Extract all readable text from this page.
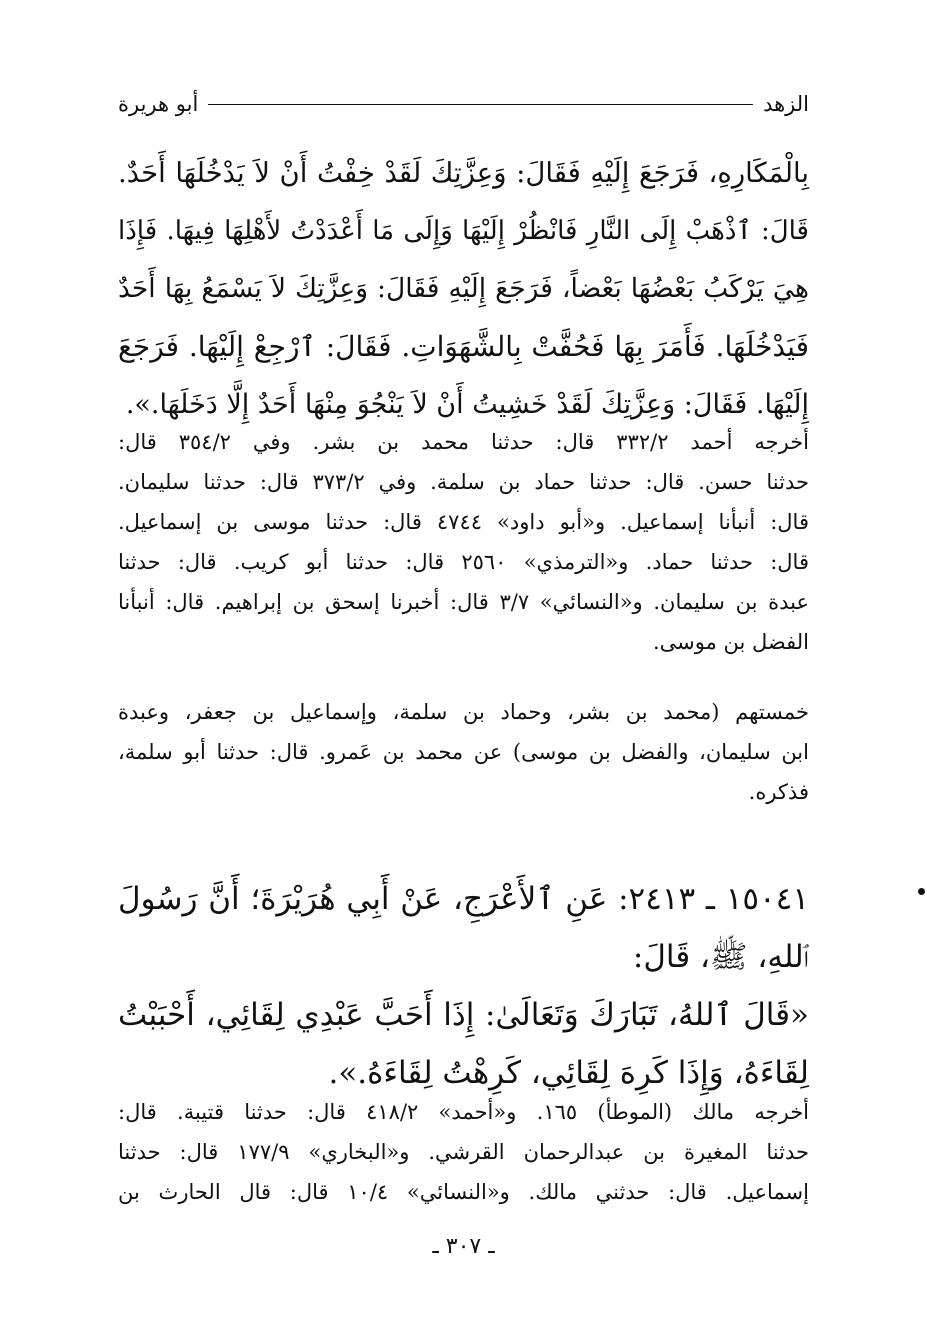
الزهد
أبو هريرة
بِالْمَكَارِهِ، فَرَجَعَ إِلَيْهِ فَقَالَ: وَعِزَّتِكَ لَقَدْ خِفْتُ أَنْ لاَ يَدْخُلَهَا أَحَدٌ.
قَالَ: ٱذْهَبْ إِلَى النَّارِ فَانْظُرْ إِلَيْهَا وَإِلَى مَا أَعْدَدْتُ لأَهْلِهَا فِيهَا. فَإِذَا
هِيَ يَرْكَبُ بَعْضُهَا بَعْضاً، فَرَجَعَ إِلَيْهِ فَقَالَ: وَعِزَّتِكَ لاَ يَسْمَعُ بِهَا أَحَدٌ
فَيَدْخُلَهَا. فَأَمَرَ بِهَا فَحُفَّتْ بِالشَّهَوَاتِ. فَقَالَ: ٱرْجِعْ إِلَيْهَا. فَرَجَعَ
إِلَيْهَا. فَقَالَ: وَعِزَّتِكَ لَقَدْ خَشِيتُ أَنْ لاَ يَنْجُوَ مِنْهَا أَحَدٌ إِلَّا دَخَلَهَا.».
أخرجه أحمد ٣٣٢/٢ قال: حدثنا محمد بن بشر. وفي ٣٥٤/٢ قال:
حدثنا حسن. قال: حدثنا حماد بن سلمة. وفي ٣٧٣/٢ قال: حدثنا سليمان.
قال: أنبأنا إسماعيل. و«أبو داود» ٤٧٤٤ قال: حدثنا موسى بن إسماعيل.
قال: حدثنا حماد. و«الترمذي» ٢٥٦٠ قال: حدثنا أبو كريب. قال: حدثنا
عبدة بن سليمان. و«النسائي» ٣/٧ قال: أخبرنا إسحق بن إبراهيم. قال: أنبأنا
الفضل بن موسى.
خمستهم (محمد بن بشر، وحماد بن سلمة، وإسماعيل بن جعفر، وعبدة
ابن سليمان، والفضل بن موسى) عن محمد بن عَمرو. قال: حدثنا أبو سلمة،
فذكره.
١٥٠٤١ ـ ٢٤١٣: عَنِ ٱلأَعْرَجِ، عَنْ أَبِي هُرَيْرَةَ؛ أَنَّ رَسُولَ
ٱللهِ، ﷺ، قَالَ:
«قَالَ ٱللهُ، تَبَارَكَ وَتَعَالَىٰ: إِذَا أَحَبَّ عَبْدِي لِقَائِي، أَحْبَبْتُ
لِقَاءَهُ، وَإِذَا كَرِهَ لِقَائِي، كَرِهْتُ لِقَاءَهُ.».
أخرجه مالك (الموطأ) ١٦٥. و«أحمد» ٤١٨/٢ قال: حدثنا قتيبة. قال:
حدثنا المغيرة بن عبدالرحمان القرشي. و«البخاري» ١٧٧/٩ قال: حدثنا
إسماعيل. قال: حدثني مالك. و«النسائي» ١٠/٤ قال: قال الحارث بن
ـ ٣٠٧ ـ
